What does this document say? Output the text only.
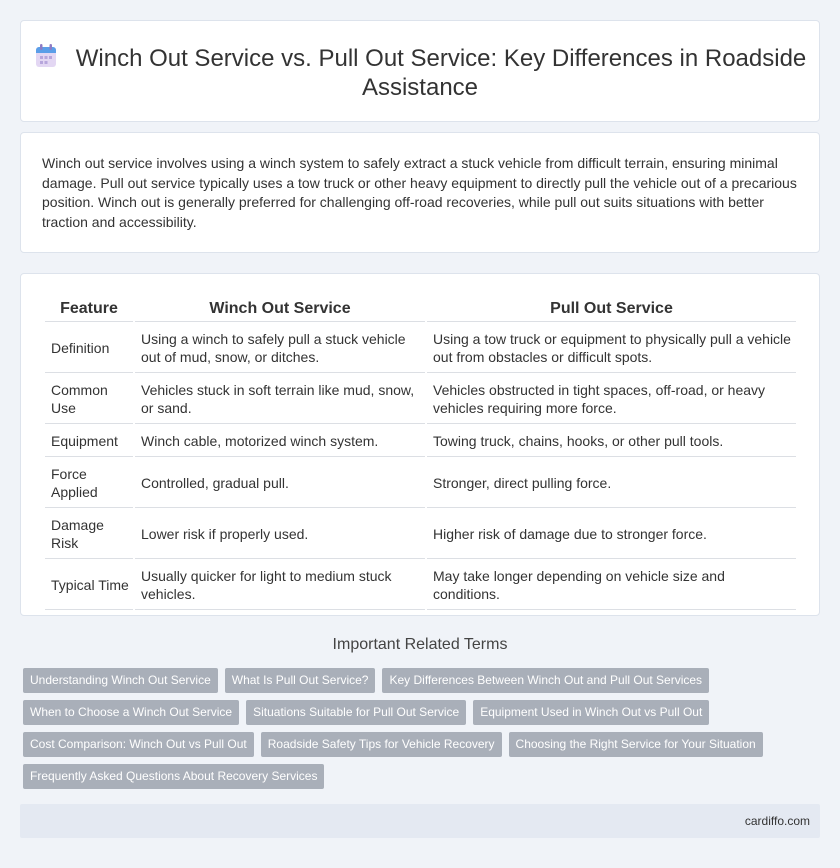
Winch Out Service vs. Pull Out Service: Key Differences in Roadside Assistance

Winch out service involves using a winch system to safely extract a stuck vehicle from difficult terrain, ensuring minimal damage. Pull out service typically uses a tow truck or other heavy equipment to directly pull the vehicle out of a precarious position. Winch out is generally preferred for challenging off-road recoveries, while pull out suits situations with better traction and accessibility.

Feature	Winch Out Service	Pull Out Service
Definition	Using a winch to safely pull a stuck vehicle out of mud, snow, or ditches.	Using a tow truck or equipment to physically pull a vehicle out from obstacles or difficult spots.
Common Use	Vehicles stuck in soft terrain like mud, snow, or sand.	Vehicles obstructed in tight spaces, off-road, or heavy vehicles requiring more force.
Equipment	Winch cable, motorized winch system.	Towing truck, chains, hooks, or other pull tools.
Force Applied	Controlled, gradual pull.	Stronger, direct pulling force.
Damage Risk	Lower risk if properly used.	Higher risk of damage due to stronger force.
Typical Time	Usually quicker for light to medium stuck vehicles.	May take longer depending on vehicle size and conditions.
Important Related Terms
Understanding Winch Out Service	What Is Pull Out Service?	Key Differences Between Winch Out and Pull Out Services
When to Choose a Winch Out Service	Situations Suitable for Pull Out Service	Equipment Used in Winch Out vs Pull Out
Cost Comparison: Winch Out vs Pull Out	Roadside Safety Tips for Vehicle Recovery	Choosing the Right Service for Your Situation
Frequently Asked Questions About Recovery Services
cardiffo.com
